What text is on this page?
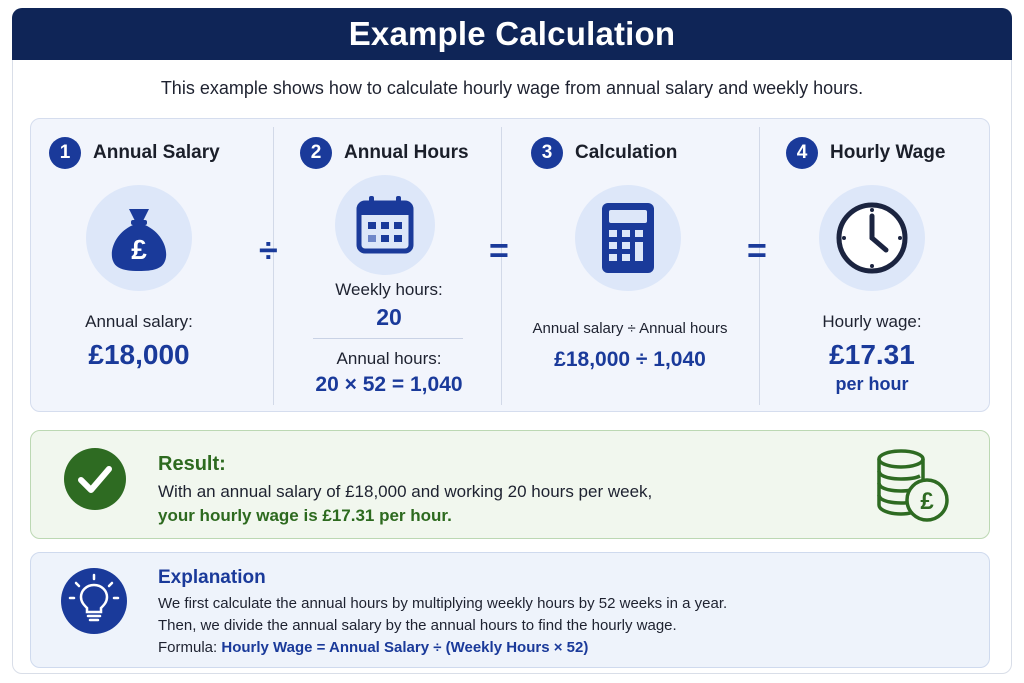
Example Calculation
This example shows how to calculate hourly wage from annual salary and weekly hours.
1	Annual Salary
£
Annual salary:
£18,000
2	Annual Hours
Weekly hours:
20
Annual hours:
20 × 52 = 1,040
3	Calculation
Annual salary ÷ Annual hours
£18,000 ÷ 1,040
4	Hourly Wage
Hourly wage:
£17.31
per hour
÷	=	=
Result:
With an annual salary of £18,000 and working 20 hours per week,
your hourly wage is £17.31 per hour.
£
Explanation
We first calculate the annual hours by multiplying weekly hours by 52 weeks in a year.
Then, we divide the annual salary by the annual hours to find the hourly wage.
Formula: Hourly Wage = Annual Salary ÷ (Weekly Hours × 52)
